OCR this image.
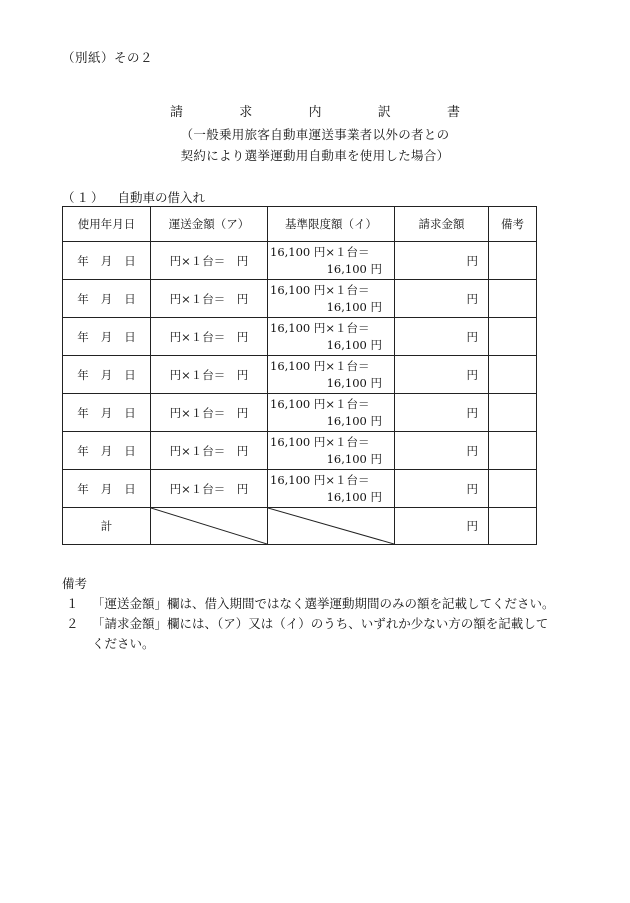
（別紙）その２
請	求	内	訳	書
（一般乗用旅客自動車運送事業者以外の者との
契約により選挙運動用自動車を使用した場合）
（１） 自動車の借入れ
使用年月日	運送金額（ア）	基準限度額（イ）	請求金額	備考
年 月 日	円×１台＝　円	16,100 円×１台＝
16,100 円	円	
年 月 日	円×１台＝　円	16,100 円×１台＝
16,100 円	円	
年 月 日	円×１台＝　円	16,100 円×１台＝
16,100 円	円	
年 月 日	円×１台＝　円	16,100 円×１台＝
16,100 円	円	
年 月 日	円×１台＝　円	16,100 円×１台＝
16,100 円	円	
年 月 日	円×１台＝　円	16,100 円×１台＝
16,100 円	円	
年 月 日	円×１台＝　円	16,100 円×１台＝
16,100 円	円	
計			円	
備考
１ 「運送金額」欄は、借入期間ではなく選挙運動期間のみの額を記載してください。
２ 「請求金額」欄には、（ア）又は（イ）のうち、いずれか少ない方の額を記載して
ください。
